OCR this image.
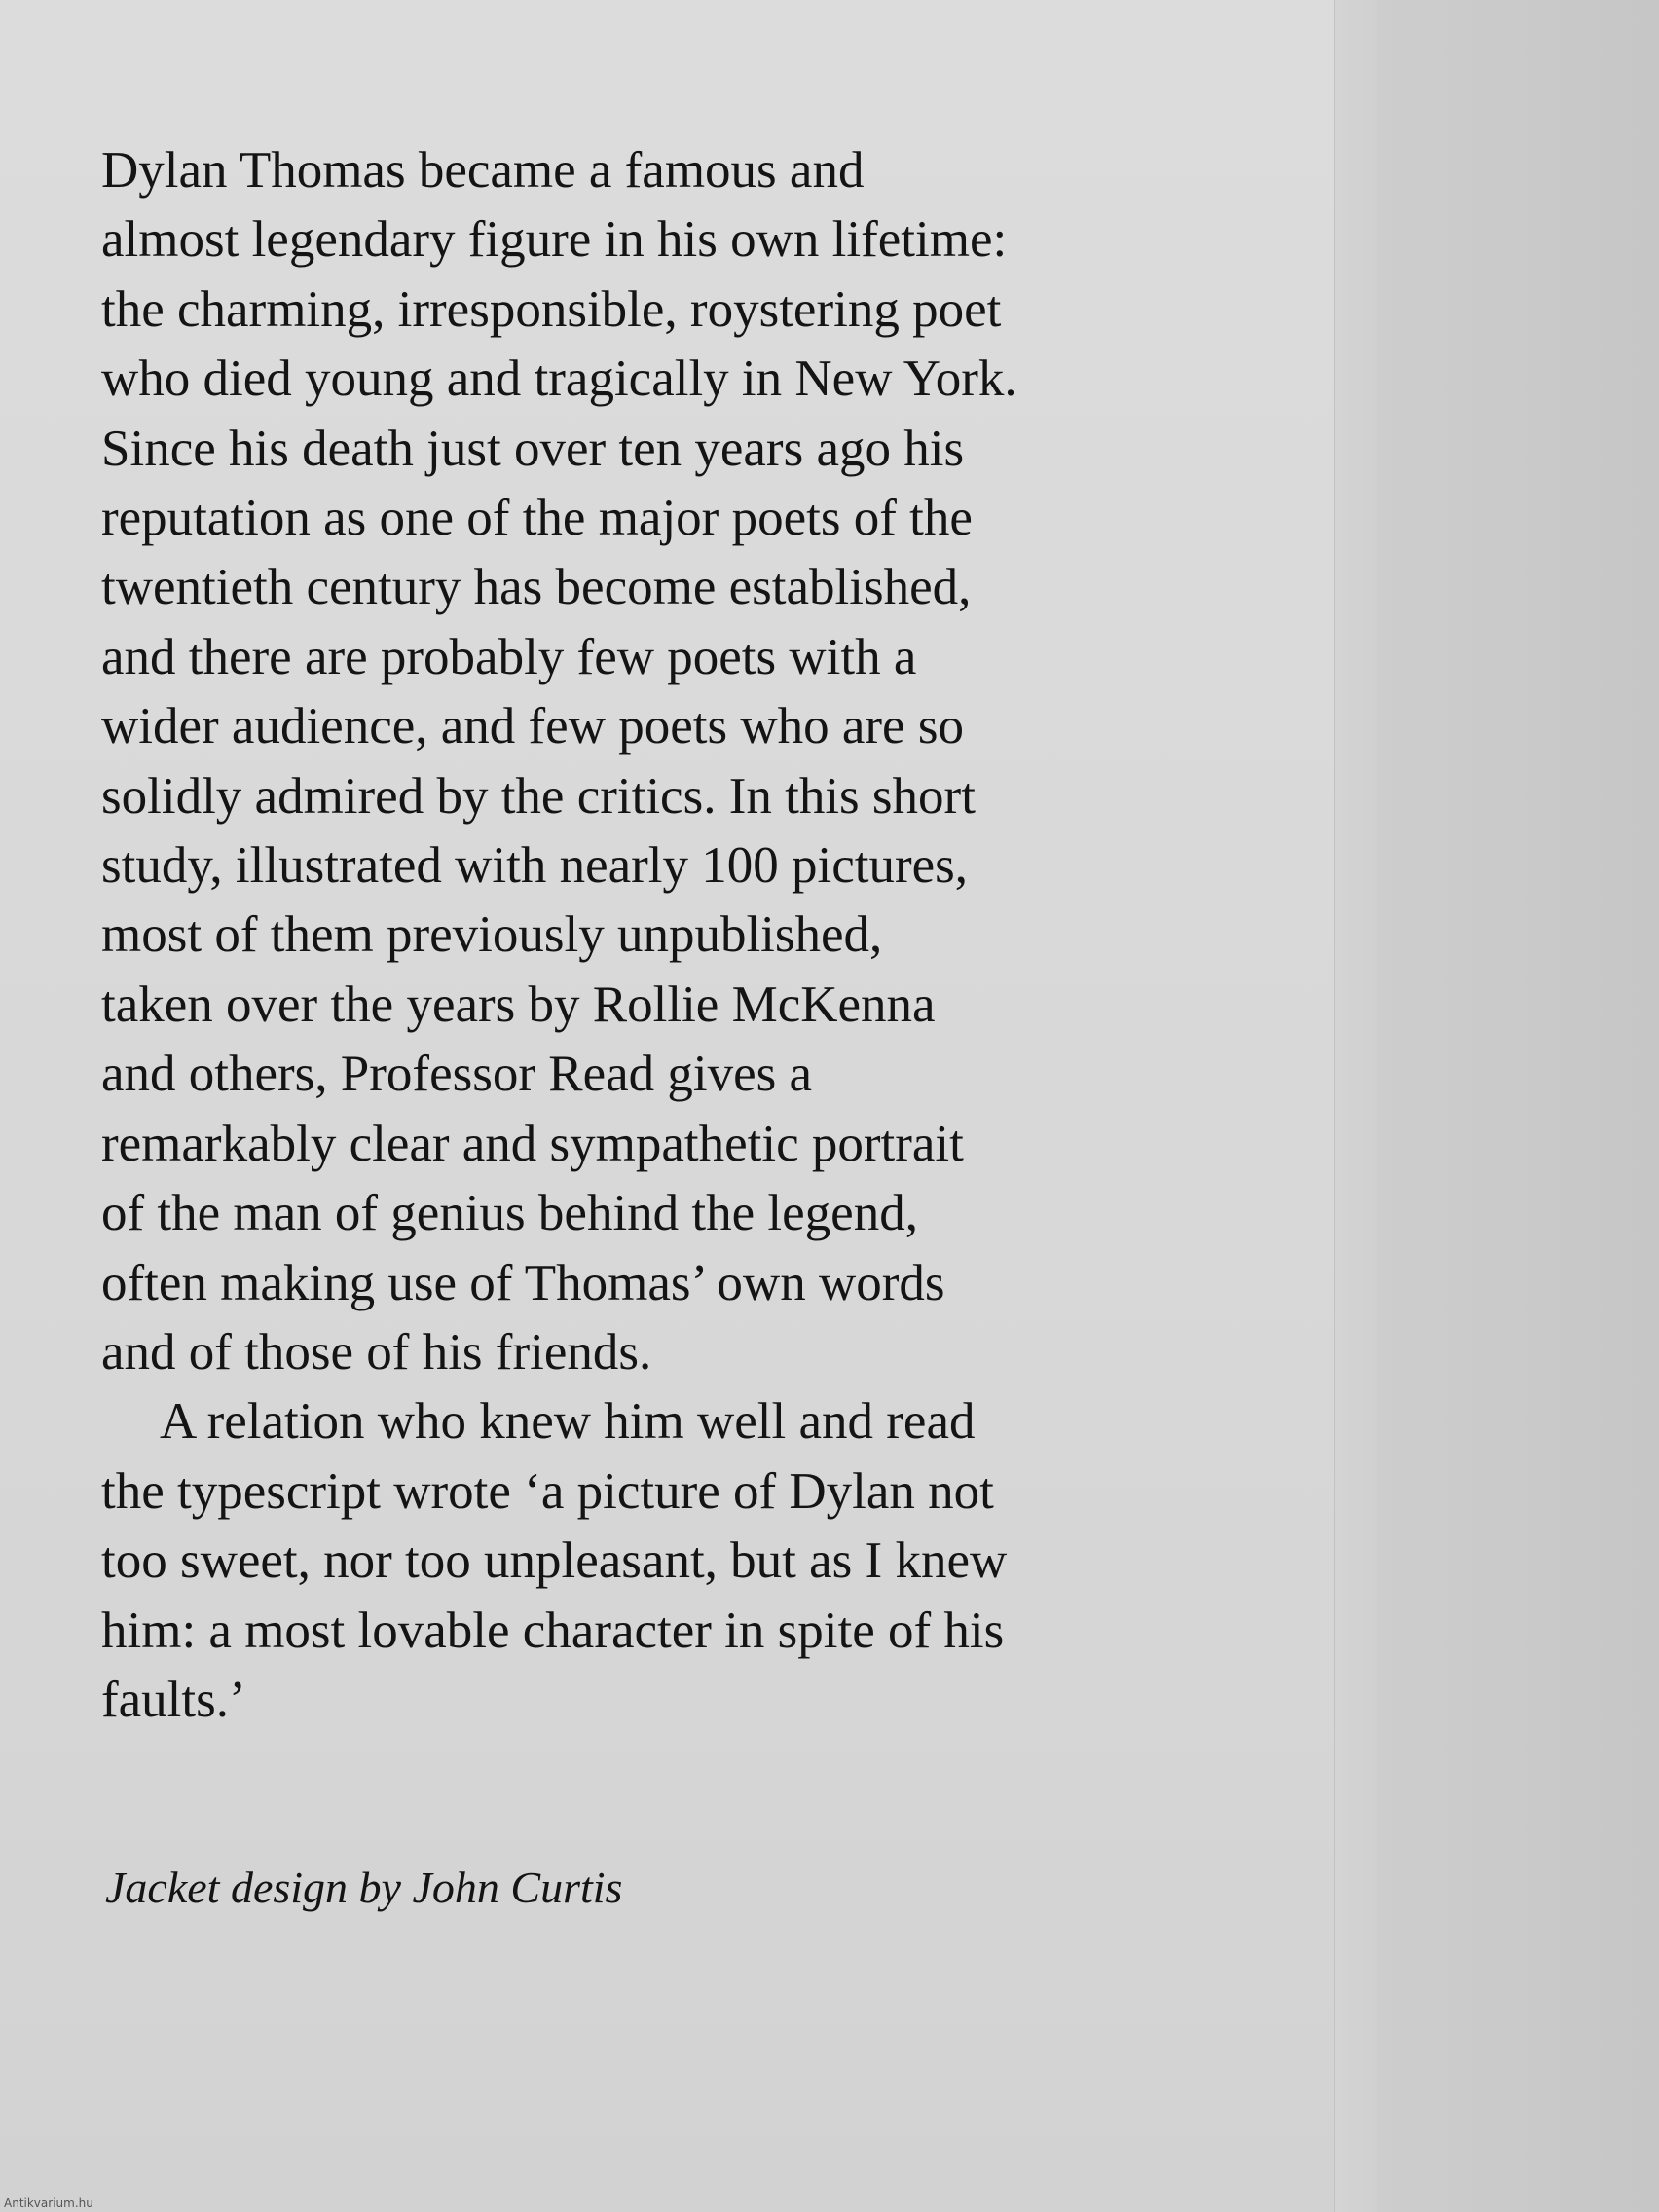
Dylan Thomas became a famous and
almost legendary figure in his own lifetime:
the charming, irresponsible, roystering poet
who died young and tragically in New York.
Since his death just over ten years ago his
reputation as one of the major poets of the
twentieth century has become established,
and there are probably few poets with a
wider audience, and few poets who are so
solidly admired by the critics. In this short
study, illustrated with nearly 100 pictures,
most of them previously unpublished,
taken over the years by Rollie McKenna
and others, Professor Read gives a
remarkably clear and sympathetic portrait
of the man of genius behind the legend,
often making use of Thomas’ own words
and of those of his friends.
A relation who knew him well and read
the typescript wrote ‘a picture of Dylan not
too sweet, nor too unpleasant, but as I knew
him: a most lovable character in spite of his
faults.’
Jacket design by John Curtis
Antikvarium.hu
